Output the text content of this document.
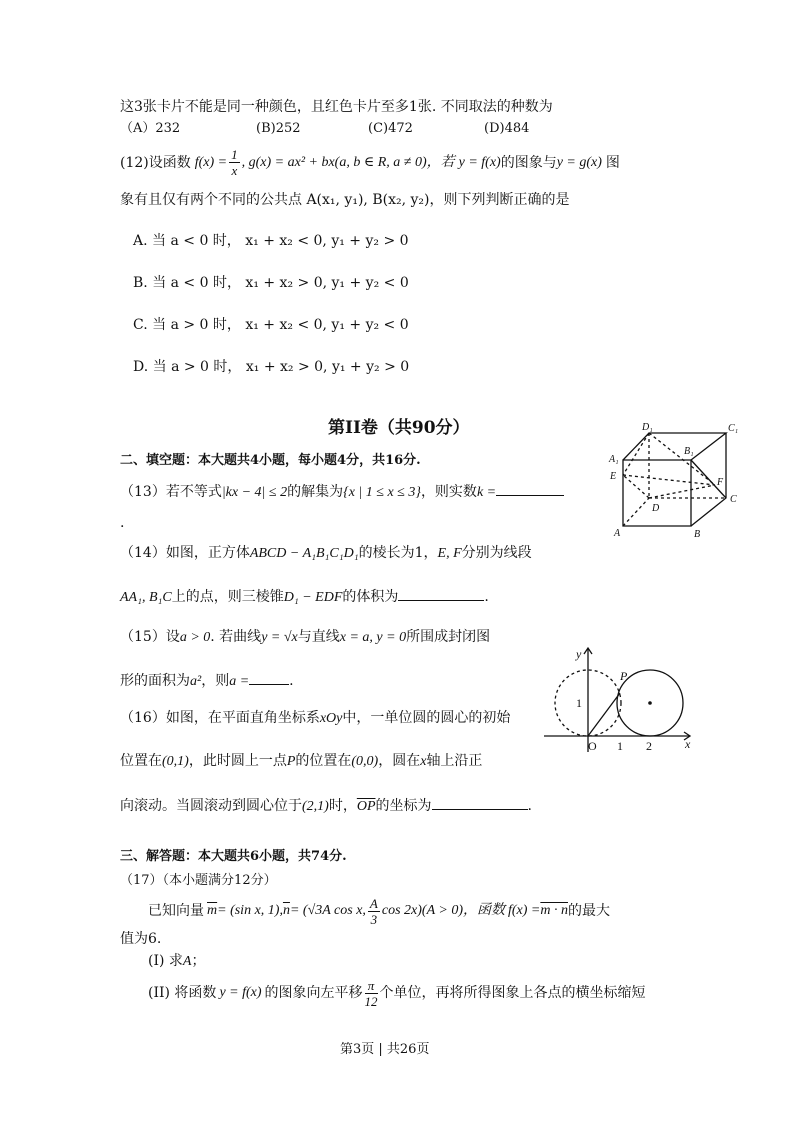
这3张卡片不能是同一种颜色，且红色卡片至多1张. 不同取法的种数为
（A）232	(B)252	(C)472	(D)484
(12)设函数 $f(x) = \frac{1}{x}$ , g(x) = ax² + bx(a, b ∈ R, a ≠ 0)，若 y = f(x) 的图象与 y = g(x) 图
象有且仅有两个不同的公共点 A(x₁, y₁), B(x₂, y₂)，则下列判断正确的是
A. 当 a < 0 时， x₁ + x₂ < 0, y₁ + y₂ > 0
B. 当 a < 0 时， x₁ + x₂ > 0, y₁ + y₂ < 0
C. 当 a > 0 时， x₁ + x₂ < 0, y₁ + y₂ < 0
D. 当 a > 0 时， x₁ + x₂ > 0, y₁ + y₂ > 0
第II卷（共90分）
二、填空题：本大题共4小题，每小题4分，共16分.
（13）若不等式|kx − 4| ≤ 2的解集为{x | 1 ≤ x ≤ 3}，则实数k =
.
（14）如图，正方体ABCD − A₁B₁C₁D₁的棱长为1，E, F分别为线段
AA₁, B₁C上的点，则三棱锥D₁ − EDF的体积为	.
（15）设a > 0. 若曲线y = √x与直线x = a, y = 0所围成封闭图
形的面积为a²，则a =	.
（16）如图，在平面直角坐标系xOy中，一单位圆的圆心的初始
位置在(0,1)，此时圆上一点P的位置在(0,0)，圆在x轴上沿正
向滚动。当圆滚动到圆心位于(2,1)时，$\overline{OP}$的坐标为	.
三、解答题：本大题共6小题，共74分.
（17）（本小题满分12分）
已知向量 $\overline{m} = (\sin$ x, 1), $\overline{n} = (√3A$ cos x, $\frac{A}{3}$ cos 2x)(A > 0)，函数 f(x) = m · n 的最大
值为6.
(I) 求A；
(II) 将函数 y = f(x) 的图象向左平移 $\frac{\pi}{12}$ 个单位，再将所得图象上各点的横坐标缩短
D₁	C₁
A₁
B₁
E
F
D
C
A	B
y
P
1
O 1 2	x
第3页 | 共26页
